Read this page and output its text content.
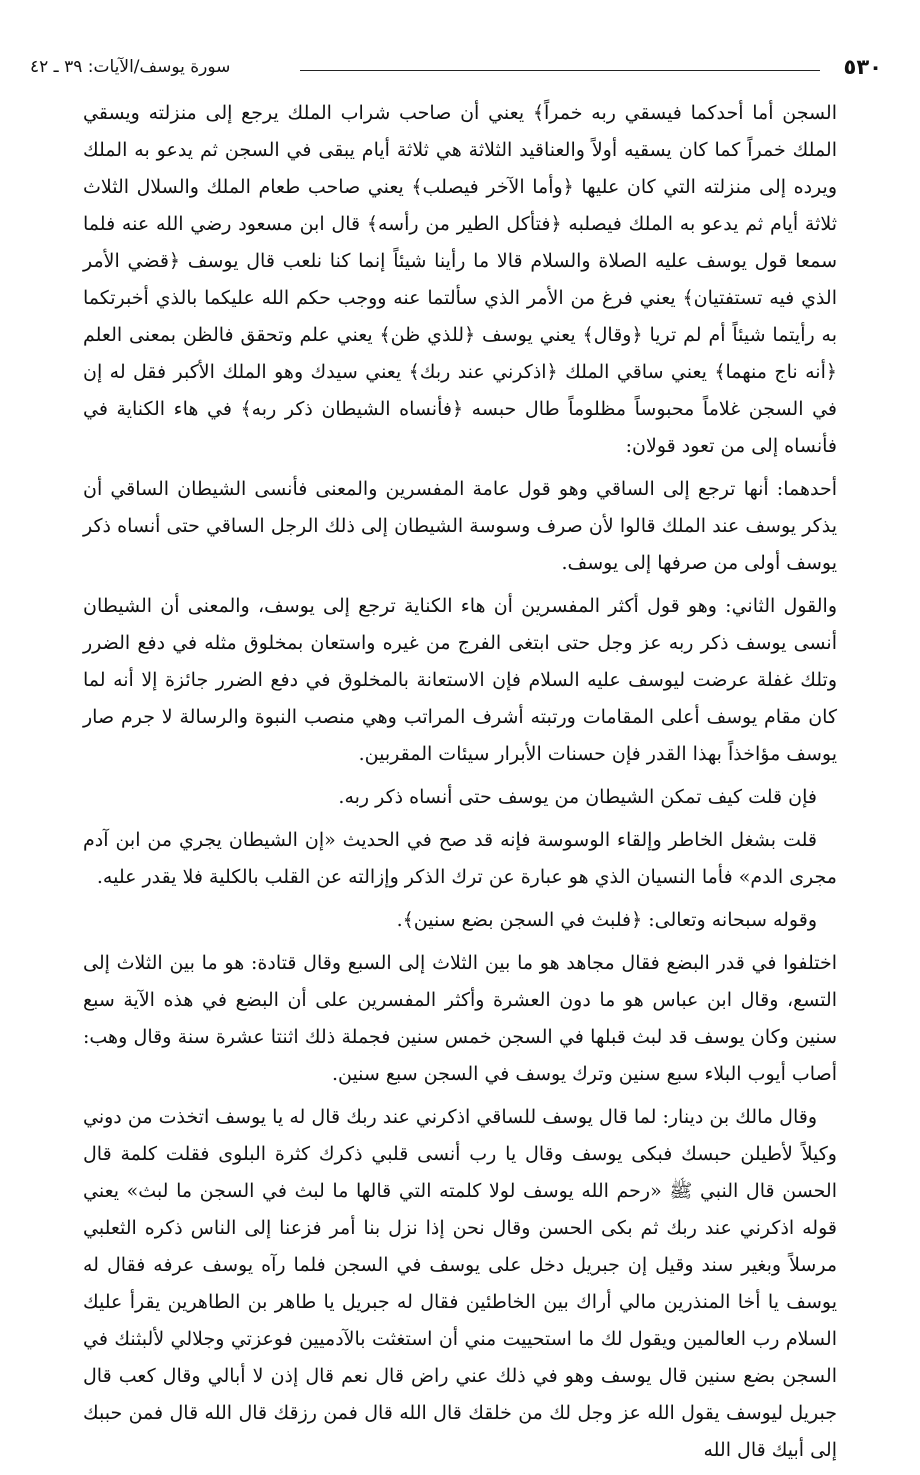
٥٣٠
سورة يوسف/الآيات: ٣٩ ـ ٤٢

السجن أما أحدكما فيسقي ربه خمراً﴾ يعني أن صاحب شراب الملك يرجع إلى منزلته ويسقي الملك خمراً كما كان يسقيه أولاً والعناقيد الثلاثة هي ثلاثة أيام يبقى في السجن ثم يدعو به الملك ويرده إلى منزلته التي كان عليها ﴿وأما الآخر فيصلب﴾ يعني صاحب طعام الملك والسلال الثلاث ثلاثة أيام ثم يدعو به الملك فيصلبه ﴿فتأكل الطير من رأسه﴾ قال ابن مسعود رضي الله عنه فلما سمعا قول يوسف عليه الصلاة والسلام قالا ما رأينا شيئاً إنما كنا نلعب قال يوسف ﴿قضي الأمر الذي فيه تستفتيان﴾ يعني فرغ من الأمر الذي سألتما عنه ووجب حكم الله عليكما بالذي أخبرتكما به رأيتما شيئاً أم لم تريا ﴿وقال﴾ يعني يوسف ﴿للذي ظن﴾ يعني علم وتحقق فالظن بمعنى العلم ﴿أنه ناج منهما﴾ يعني ساقي الملك ﴿اذكرني عند ربك﴾ يعني سيدك وهو الملك الأكبر فقل له إن في السجن غلاماً محبوساً مظلوماً طال حبسه ﴿فأنساه الشيطان ذكر ربه﴾ في هاء الكناية في فأنساه إلى من تعود قولان:

أحدهما: أنها ترجع إلى الساقي وهو قول عامة المفسرين والمعنى فأنسى الشيطان الساقي أن يذكر يوسف عند الملك قالوا لأن صرف وسوسة الشيطان إلى ذلك الرجل الساقي حتى أنساه ذكر يوسف أولى من صرفها إلى يوسف.

والقول الثاني: وهو قول أكثر المفسرين أن هاء الكناية ترجع إلى يوسف، والمعنى أن الشيطان أنسى يوسف ذكر ربه عز وجل حتى ابتغى الفرج من غيره واستعان بمخلوق مثله في دفع الضرر وتلك غفلة عرضت ليوسف عليه السلام فإن الاستعانة بالمخلوق في دفع الضرر جائزة إلا أنه لما كان مقام يوسف أعلى المقامات ورتبته أشرف المراتب وهي منصب النبوة والرسالة لا جرم صار يوسف مؤاخذاً بهذا القدر فإن حسنات الأبرار سيئات المقربين.

فإن قلت كيف تمكن الشيطان من يوسف حتى أنساه ذكر ربه.

قلت بشغل الخاطر وإلقاء الوسوسة فإنه قد صح في الحديث «إن الشيطان يجري من ابن آدم مجرى الدم» فأما النسيان الذي هو عبارة عن ترك الذكر وإزالته عن القلب بالكلية فلا يقدر عليه.

وقوله سبحانه وتعالى: ﴿فلبث في السجن بضع سنين﴾.

اختلفوا في قدر البضع فقال مجاهد هو ما بين الثلاث إلى السبع وقال قتادة: هو ما بين الثلاث إلى التسع، وقال ابن عباس هو ما دون العشرة وأكثر المفسرين على أن البضع في هذه الآية سبع سنين وكان يوسف قد لبث قبلها في السجن خمس سنين فجملة ذلك اثنتا عشرة سنة وقال وهب: أصاب أيوب البلاء سبع سنين وترك يوسف في السجن سبع سنين.

وقال مالك بن دينار: لما قال يوسف للساقي اذكرني عند ربك قال له يا يوسف اتخذت من دوني وكيلاً لأطيلن حبسك فبكى يوسف وقال يا رب أنسى قلبي ذكرك كثرة البلوى فقلت كلمة قال الحسن قال النبي ﷺ «رحم الله يوسف لولا كلمته التي قالها ما لبث في السجن ما لبث» يعني قوله اذكرني عند ربك ثم بكى الحسن وقال نحن إذا نزل بنا أمر فزعنا إلى الناس ذكره الثعلبي مرسلاً وبغير سند وقيل إن جبريل دخل على يوسف في السجن فلما رآه يوسف عرفه فقال له يوسف يا أخا المنذرين مالي أراك بين الخاطئين فقال له جبريل يا طاهر بن الطاهرين يقرأ عليك السلام رب العالمين ويقول لك ما استحييت مني أن استغثت بالآدميين فوعزتي وجلالي لألبثنك في السجن بضع سنين قال يوسف وهو في ذلك عني راض قال نعم قال إذن لا أبالي وقال كعب قال جبريل ليوسف يقول الله عز وجل لك من خلقك قال الله قال فمن رزقك قال الله قال فمن حببك إلى أبيك قال الله
